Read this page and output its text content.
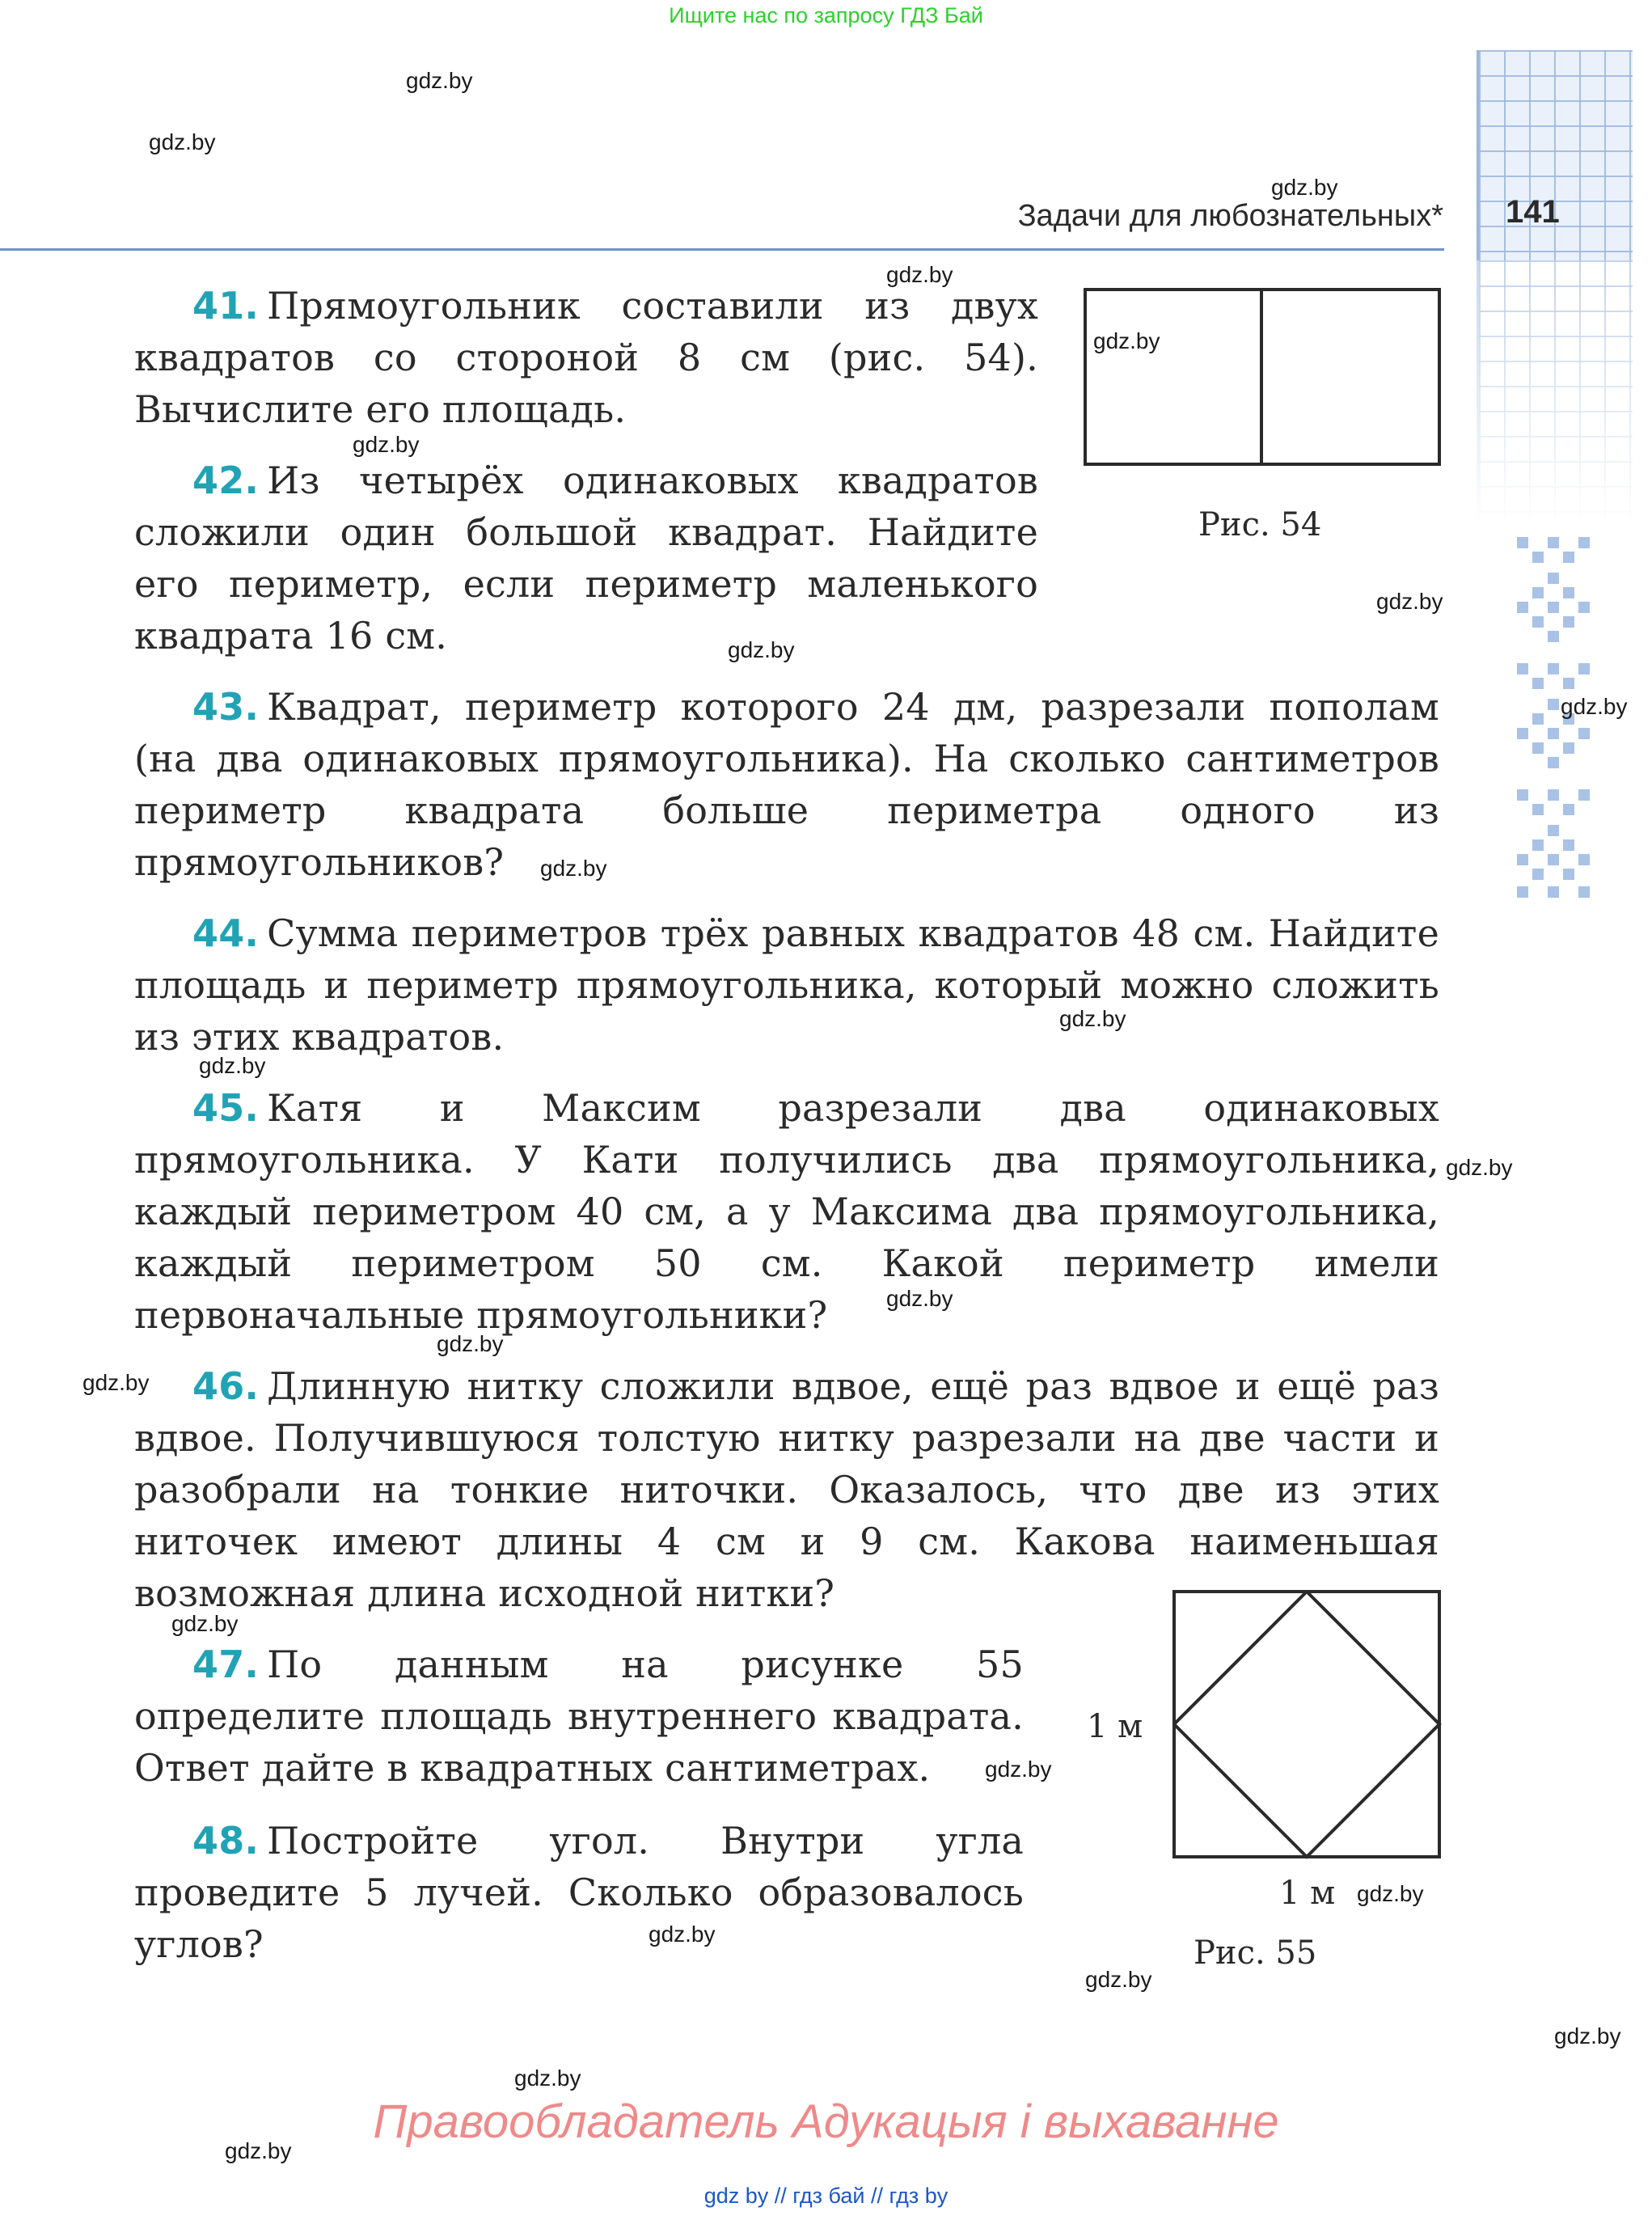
Ищите нас по запросу ГДЗ Бай
141
Задачи для любознательных*
gdz.by
gdz.by
gdz.by
gdz.by
gdz.by
gdz.by
gdz.by
gdz.by
gdz.by
gdz.by
gdz.by
gdz.by
gdz.by
gdz.by
gdz.by
gdz.by
gdz.by
gdz.by
gdz.by
gdz.by
gdz.by
gdz.by
gdz.by
gdz.by
Рис. 54
41. Прямоугольник составили из двух квадратов со стороной 8 см (рис. 54). Вычислите его площадь.
42. Из четырёх одинаковых квадратов сложили один большой квадрат. Найдите его периметр, если периметр маленького квадрата 16 см.
43. Квадрат, периметр которого 24 дм, разрезали пополам (на два одинаковых прямоугольника). На сколько сантиметров периметр квадрата больше периметра одного из прямоугольников?
44. Сумма периметров трёх равных квадратов 48 см. Найдите площадь и периметр прямоугольника, который можно сложить из этих квадратов.
45. Катя и Максим разрезали два одинаковых прямоугольника. У Кати получились два прямоугольника, каждый периметром 40 см, а у Максима два прямоугольника, каждый периметром 50 см. Какой периметр имели первоначальные прямоугольники?
46. Длинную нитку сложили вдвое, ещё раз вдвое и ещё раз вдвое. Получившуюся толстую нитку разрезали на две части и разобрали на тонкие ниточки. Оказалось, что две из этих ниточек имеют длины 4 см и 9 см. Какова наименьшая возможная длина исходной нитки?
47. По данным на рисунке 55 определите площадь внутреннего квадрата. Ответ дайте в квадратных сантиметрах.
48. Постройте угол. Внутри угла проведите 5 лучей. Сколько образовалось углов?
1 м
1 м
Рис. 55
Правообладатель Адукацыя і выхаванне
gdz by // гдз бай // гдз by
